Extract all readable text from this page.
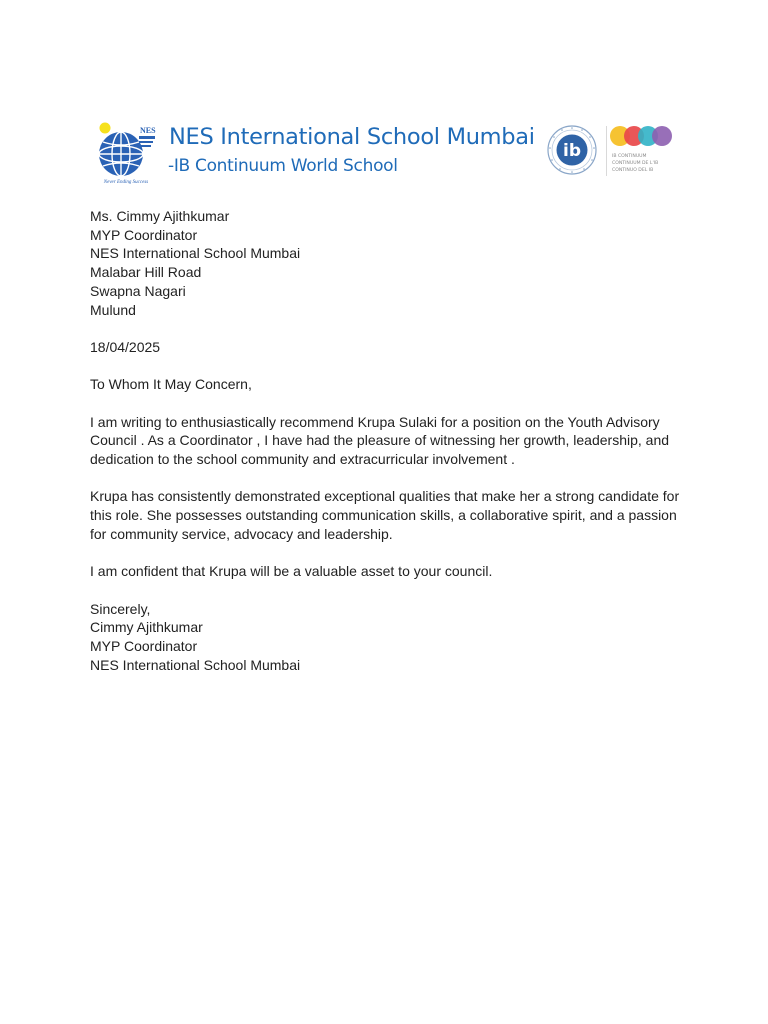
NES
Never Ending Success
NES International School Mumbai
-IB Continuum World School
ib	IB CONTINUUM
CONTINUUM DE L'IB
CONTINUO DEL IB

Ms. Cimmy Ajithkumar
MYP Coordinator
NES International School Mumbai
Malabar Hill Road
Swapna Nagari
Mulund

18/04/2025

To Whom It May Concern,

I am writing to enthusiastically recommend Krupa Sulaki for a position on the Youth Advisory
Council . As a Coordinator , I have had the pleasure of witnessing her growth, leadership, and
dedication to the school community and extracurricular involvement .

Krupa has consistently demonstrated exceptional qualities that make her a strong candidate for
this role. She possesses outstanding communication skills, a collaborative spirit, and a passion
for community service, advocacy and leadership.

I am confident that Krupa will be a valuable asset to your council.

Sincerely,
Cimmy Ajithkumar
MYP Coordinator
NES International School Mumbai
